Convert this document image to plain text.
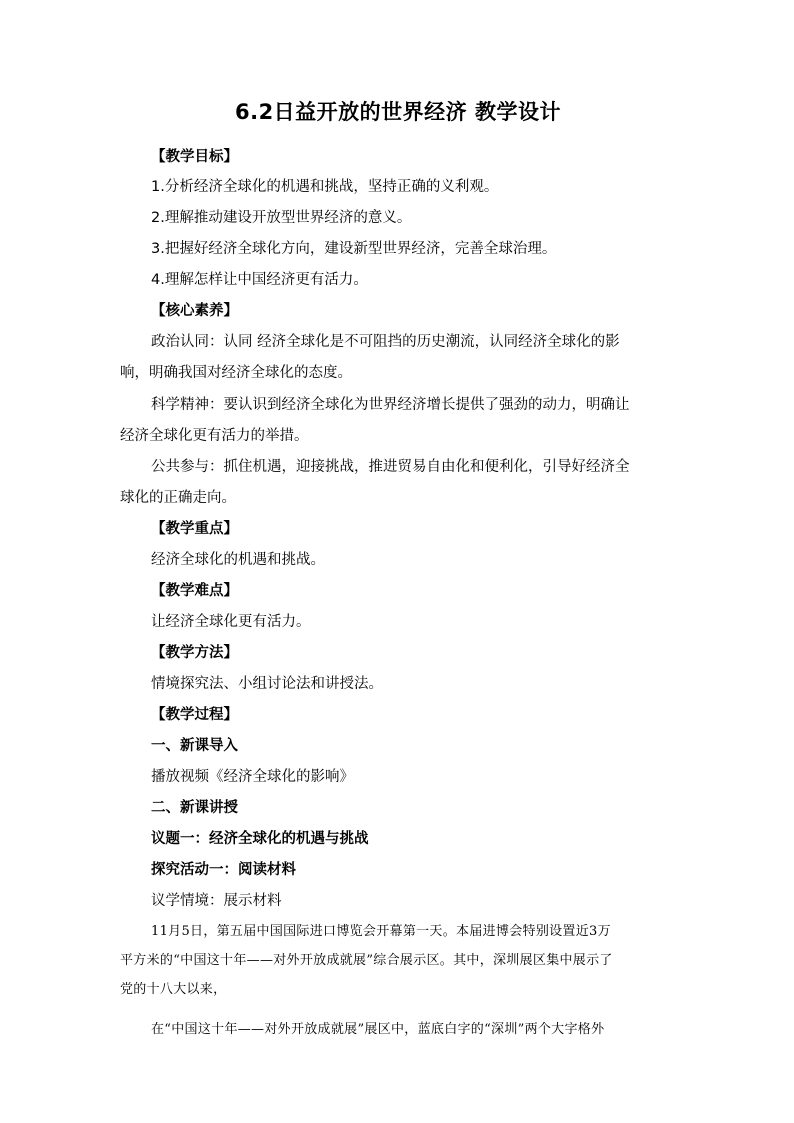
6.2日益开放的世界经济 教学设计
【教学目标】
1.分析经济全球化的机遇和挑战，坚持正确的义利观。
2.理解推动建设开放型世界经济的意义。
3.把握好经济全球化方向，建设新型世界经济，完善全球治理。
4.理解怎样让中国经济更有活力。
【核心素养】
政治认同：认同 经济全球化是不可阻挡的历史潮流，认同经济全球化的影
响，明确我国对经济全球化的态度。
科学精神：要认识到经济全球化为世界经济增长提供了强劲的动力，明确让
经济全球化更有活力的举措。
公共参与：抓住机遇，迎接挑战，推进贸易自由化和便利化，引导好经济全
球化的正确走向。
【教学重点】
经济全球化的机遇和挑战。
【教学难点】
让经济全球化更有活力。
【教学方法】
情境探究法、小组讨论法和讲授法。
【教学过程】
一、新课导入
播放视频《经济全球化的影响》
二、新课讲授
议题一：经济全球化的机遇与挑战
探究活动一：阅读材料
议学情境：展示材料
11月5日，第五届中国国际进口博览会开幕第一天。本届进博会特别设置近3万
平方米的“中国这十年——对外开放成就展”综合展示区。其中，深圳展区集中展示了
党的十八大以来，
在“中国这十年——对外开放成就展”展区中，蓝底白字的“深圳”两个大字格外
